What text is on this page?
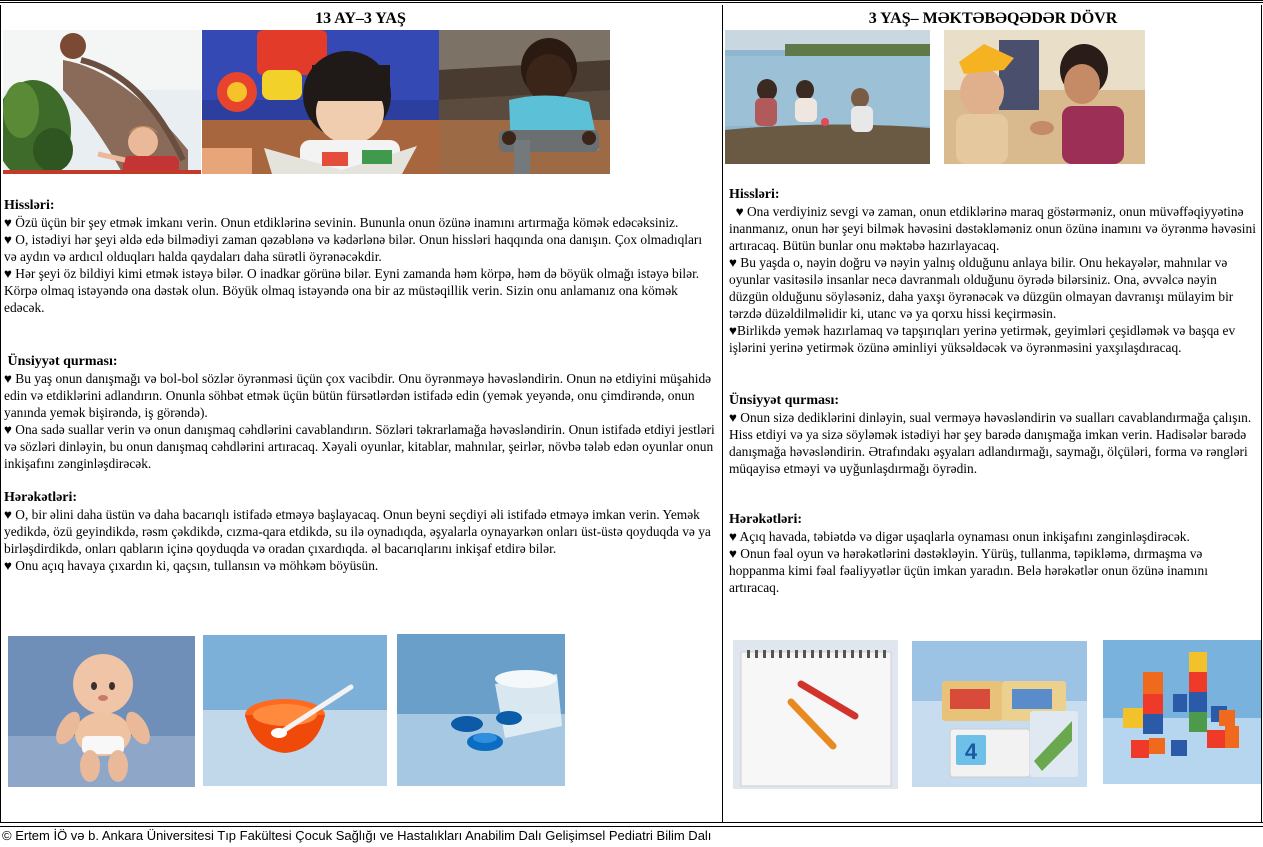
13 AY–3 YAŞ

Hissləri:

♥ Özü üçün bir şey etmək imkanı verin. Onun etdiklərinə sevinin. Bununla onun özünə inamını artırmağa kömək edəcəksiniz.

♥ O, istədiyi hər şeyi əldə edə bilmədiyi zaman qəzəblənə və kədərlənə bilər. Onun hissləri haqqında ona danışın. Çox olmadıqları və aydın və ardıcıl olduqları halda qaydaları daha sürətli öyrənəcəkdir.

♥ Hər şeyi öz bildiyi kimi etmək istəyə bilər. O inadkar görünə bilər. Eyni zamanda həm körpə, həm də böyük olmağı istəyə bilər. Körpə olmaq istəyəndə ona dəstək olun. Böyük olmaq istəyəndə ona bir az müstəqillik verin. Sizin onu anlamanız ona kömək edəcək.

Ünsiyyət qurması:

♥ Bu yaş onun danışmağı və bol-bol sözlər öyrənməsi üçün çox vacibdir. Onu öyrənməyə həvəsləndirin. Onun nə etdiyini müşahidə edin və etdiklərini adlandırın. Onunla söhbət etmək üçün bütün fürsətlərdən istifadə edin (yemək yeyəndə, onu çimdirəndə, onun yanında yemək bişirəndə, iş görəndə).

♥ Ona sadə suallar verin və onun danışmaq cəhdlərini cavablandırın. Sözləri təkrarlamağa həvəsləndirin. Onun istifadə etdiyi jestləri və sözləri dinləyin, bu onun danışmaq cəhdlərini artıracaq. Xəyali oyunlar, kitablar, mahnılar, şeirlər, növbə tələb edən oyunlar onun inkişafını zənginləşdirəcək.

Hərəkətləri:

♥ O, bir əlini daha üstün və daha bacarıqlı istifadə etməyə başlayacaq. Onun beyni seçdiyi əli istifadə etməyə imkan verin. Yemək yedikdə, özü geyindikdə, rəsm çəkdikdə, cızma-qara etdikdə, su ilə oynadıqda, əşyalarla oynayarkən onları üst-üstə qoyduqda və ya birləşdirdikdə, onları qabların içinə qoyduqda və oradan çıxardıqda. əl bacarıqlarını inkişaf etdirə bilər.

♥ Onu açıq havaya çıxardın ki, qaçsın, tullansın və möhkəm böyüsün.

3 YAŞ– MƏKTƏBƏQƏDƏR DÖVR

Hissləri:

♥ Ona verdiyiniz sevgi və zaman, onun etdiklərinə maraq göstərməniz, onun müvəffəqiyyətinə inanmanız, onun hər şeyi bilmək həvəsini dəstəkləməniz onun özünə inamını və öyrənmə həvəsini artıracaq. Bütün bunlar onu məktəbə hazırlayacaq.

♥ Bu yaşda o, nəyin doğru və nəyin yalnış olduğunu anlaya bilir. Onu hekayələr, mahnılar və oyunlar vasitəsilə insanlar necə davranmalı olduğunu öyrədə bilərsiniz. Ona, əvvəlcə nəyin düzgün olduğunu söyləsəniz, daha yaxşı öyrənəcək və düzgün olmayan davranışı mülayim bir tərzdə düzəldilməlidir ki, utanc və ya qorxu hissi keçirməsin.

♥Birlikdə yemək hazırlamaq və tapşırıqları yerinə yetirmək, geyimləri çeşidləmək və başqa ev işlərini yerinə yetirmək özünə əminliyi yüksəldəcək və öyrənməsini yaxşılaşdıracaq.

Ünsiyyət qurması:

♥ Onun sizə dediklərini dinləyin, sual verməyə həvəsləndirin və sualları cavablandırmağa çalışın. Hiss etdiyi və ya sizə söyləmək istədiyi hər şey barədə danışmağa imkan verin. Hadisələr barədə danışmağa həvəsləndirin. Ətrafındakı əşyaları adlandırmağı, saymağı, ölçüləri, forma və rəngləri müqayisə etməyi və uyğunlaşdırmağı öyrədin.

Hərəkətləri:

♥ Açıq havada, təbiətdə və digər uşaqlarla oynaması onun inkişafını zənginləşdirəcək.

♥ Onun fəal oyun və hərəkətlərini dəstəkləyin. Yürüş, tullanma, təpikləmə, dırmaşma və hoppanma kimi fəal fəaliyyətlər üçün imkan yaradın. Belə hərəkətlər onun özünə inamını artıracaq.

4
© Ertem İÖ və b. Ankara Üniversitesi Tıp Fakültesi Çocuk Sağlığı ve Hastalıkları Anabilim Dalı Gelişimsel Pediatri Bilim Dalı
